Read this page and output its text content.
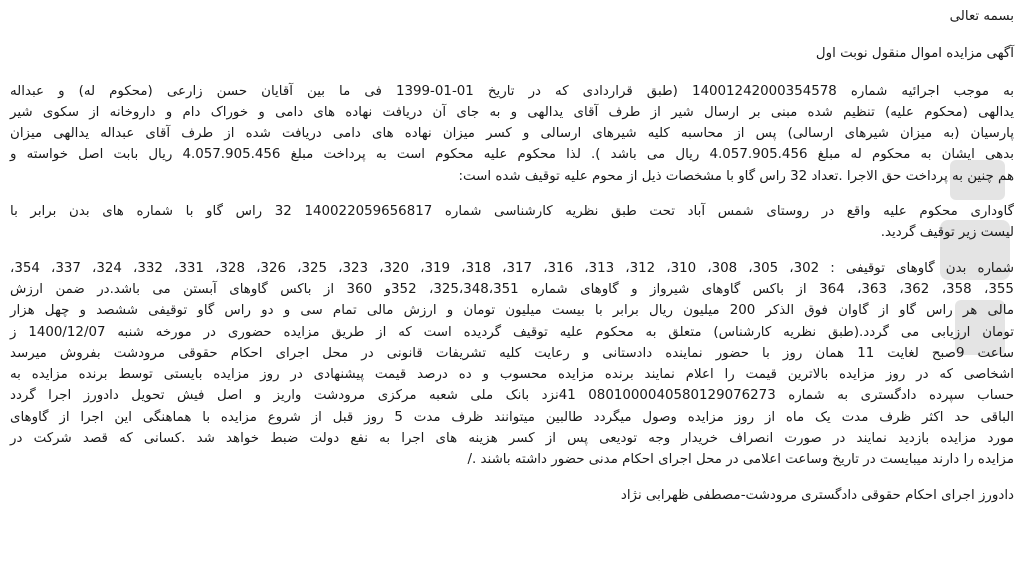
بسمه تعالی
آگهی مزایده اموال منقول نوبت اول
به موجب اجرائیه شماره 14001242000354578 (طبق قراردادی که در تاریخ 01-01-1399 فی ما بین آقایان حسن زارعی (محکوم له) و عبداله
یدالهی (محکوم علیه) تنظیم شده مبنی بر ارسال شیر از طرف آقای یدالهی و به جای آن دریافت نهاده های دامی و خوراک دام و داروخانه از سکوی شیر
پارسیان (به میزان شیرهای ارسالی) پس از محاسبه کلیه شیرهای ارسالی و کسر میزان نهاده های دامی دریافت شده از طرف آقای عبداله یدالهی میزان
بدهی ایشان به محکوم له مبلغ 4.057.905.456 ریال می باشد ). لذا محکوم علیه محکوم است به پرداخت مبلغ 4.057.905.456 ریال بابت اصل خواسته و
هم چنین به پرداخت حق الاجرا .تعداد 32 راس گاو با مشخصات ذیل از محوم علیه توقیف شده است:
گاوداری محکوم علیه واقع در روستای شمس آباد تحت طبق نظریه کارشناسی شماره 140022059656817 32 راس گاو با شماره های بدن برابر با
لیست زیر توقیف گردید.
شماره بدن گاوهای توقیفی : 302، 305، 308، 310، 312، 313، 316، 317، 318، 319، 320، 323، 325، 326، 328، 331، 332، 324، 337، 354،
355، 358، 362، 363، 364 از باکس گاوهای شیرواز و گاوهای شماره 325،348،351، 352و 360 از باکس گاوهای آبستن می باشد.در ضمن ارزش
مالی هر راس گاو از گاوان فوق الذکر 200 میلیون ریال برابر با بیست میلیون تومان و ارزش مالی تمام سی و دو راس گاو توقیفی ششصد و چهل هزار
تومان ارزیابی می گردد.(طبق نظریه کارشناس) متعلق به محکوم علیه توقیف گردیده است که از طریق مزایده حضوری در مورخه شنبه 1400/12/07 ز
ساعت 9صبح لغایت 11 همان روز با حضور نماینده دادستانی و رعایت کلیه تشریفات قانونی در محل اجرای احکام حقوقی مرودشت بفروش میرسد
اشخاصی که در روز مزایده بالاترین قیمت را اعلام نمایند برنده مزایده محسوب و ده درصد قیمت پیشنهادی در روز مزایده بایستی توسط برنده مزایده به
حساب سپرده دادگستری به شماره 0801000040580129076273 41نزد بانک ملی شعبه مرکزی مرودشت واریز و اصل فیش تحویل دادورز اجرا گردد
الباقی حد اکثر ظرف مدت یک ماه از روز مزایده وصول میگردد طالبین میتوانند ظرف مدت 5 روز قبل از شروع مزایده با هماهنگی این اجرا از گاوهای
مورد مزایده بازدید نمایند در صورت انصراف خریدار وجه تودیعی پس از کسر هزینه های اجرا به نفع دولت ضبط خواهد شد .کسانی که قصد شرکت در
مزایده را دارند میبایست در تاریخ وساعت اعلامی در محل اجرای احکام مدنی حضور داشته باشند ./
دادورز اجرای احکام حقوقی دادگستری مرودشت-مصطفی ظهرابی نژاد
